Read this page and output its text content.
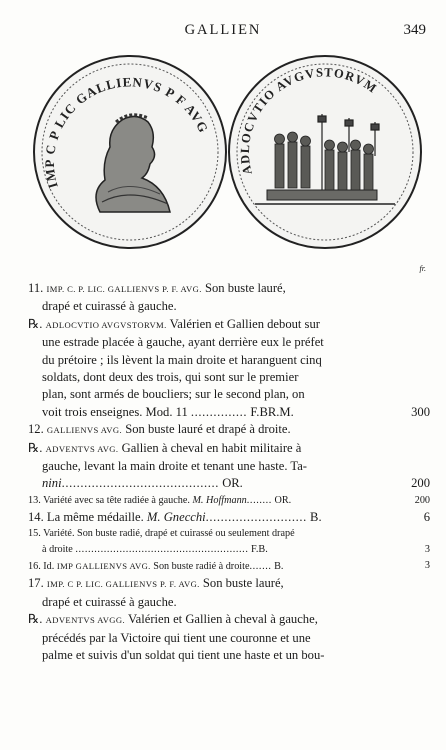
GALLIEN	349
IMP C P LIC GALLIENVS P F AVG
ADLOCVTIO AVGVSTORVM
fr.
11. IMP. C. P. LIC. GALLIENVS P. F. AVG. Son buste lauré,
drapé et cuirassé à gauche.
℞. ADLOCVTIO AVGVSTORVM. Valérien et Gallien debout sur
une estrade placée à gauche, ayant derrière eux le préfet
du prétoire ; ils lèvent la main droite et haranguent cinq
soldats, dont deux des trois, qui sont sur le premier
plan, sont armés de boucliers; sur le second plan, on
voit trois enseignes. Mod. 11 ............... F.BR.M.	300
12. GALLIENVS AVG. Son buste lauré et drapé à droite.
℞. ADVENTVS AVG. Gallien à cheval en habit militaire à
gauche, levant la main droite et tenant une haste. Ta-
nini.......................................... OR.	200
13. Variété avec sa tête radiée à gauche. M. Hoffmann........ OR.	200
14. La même médaille. M. Gnecchi........................... B.	6
15. Variété. Son buste radié, drapé et cuirassé ou seulement drapé
à droite ....................................................... F.B.	3
16. Id. IMP GALLIENVS AVG. Son buste radié à droite....... B.	3
17. IMP. C P. LIC. GALLIENVS P. F. AVG. Son buste lauré,
drapé et cuirassé à gauche.
℞. ADVENTVS AVGG. Valérien et Gallien à cheval à gauche,
précédés par la Victoire qui tient une couronne et une
palme et suivis d'un soldat qui tient une haste et un bou-
